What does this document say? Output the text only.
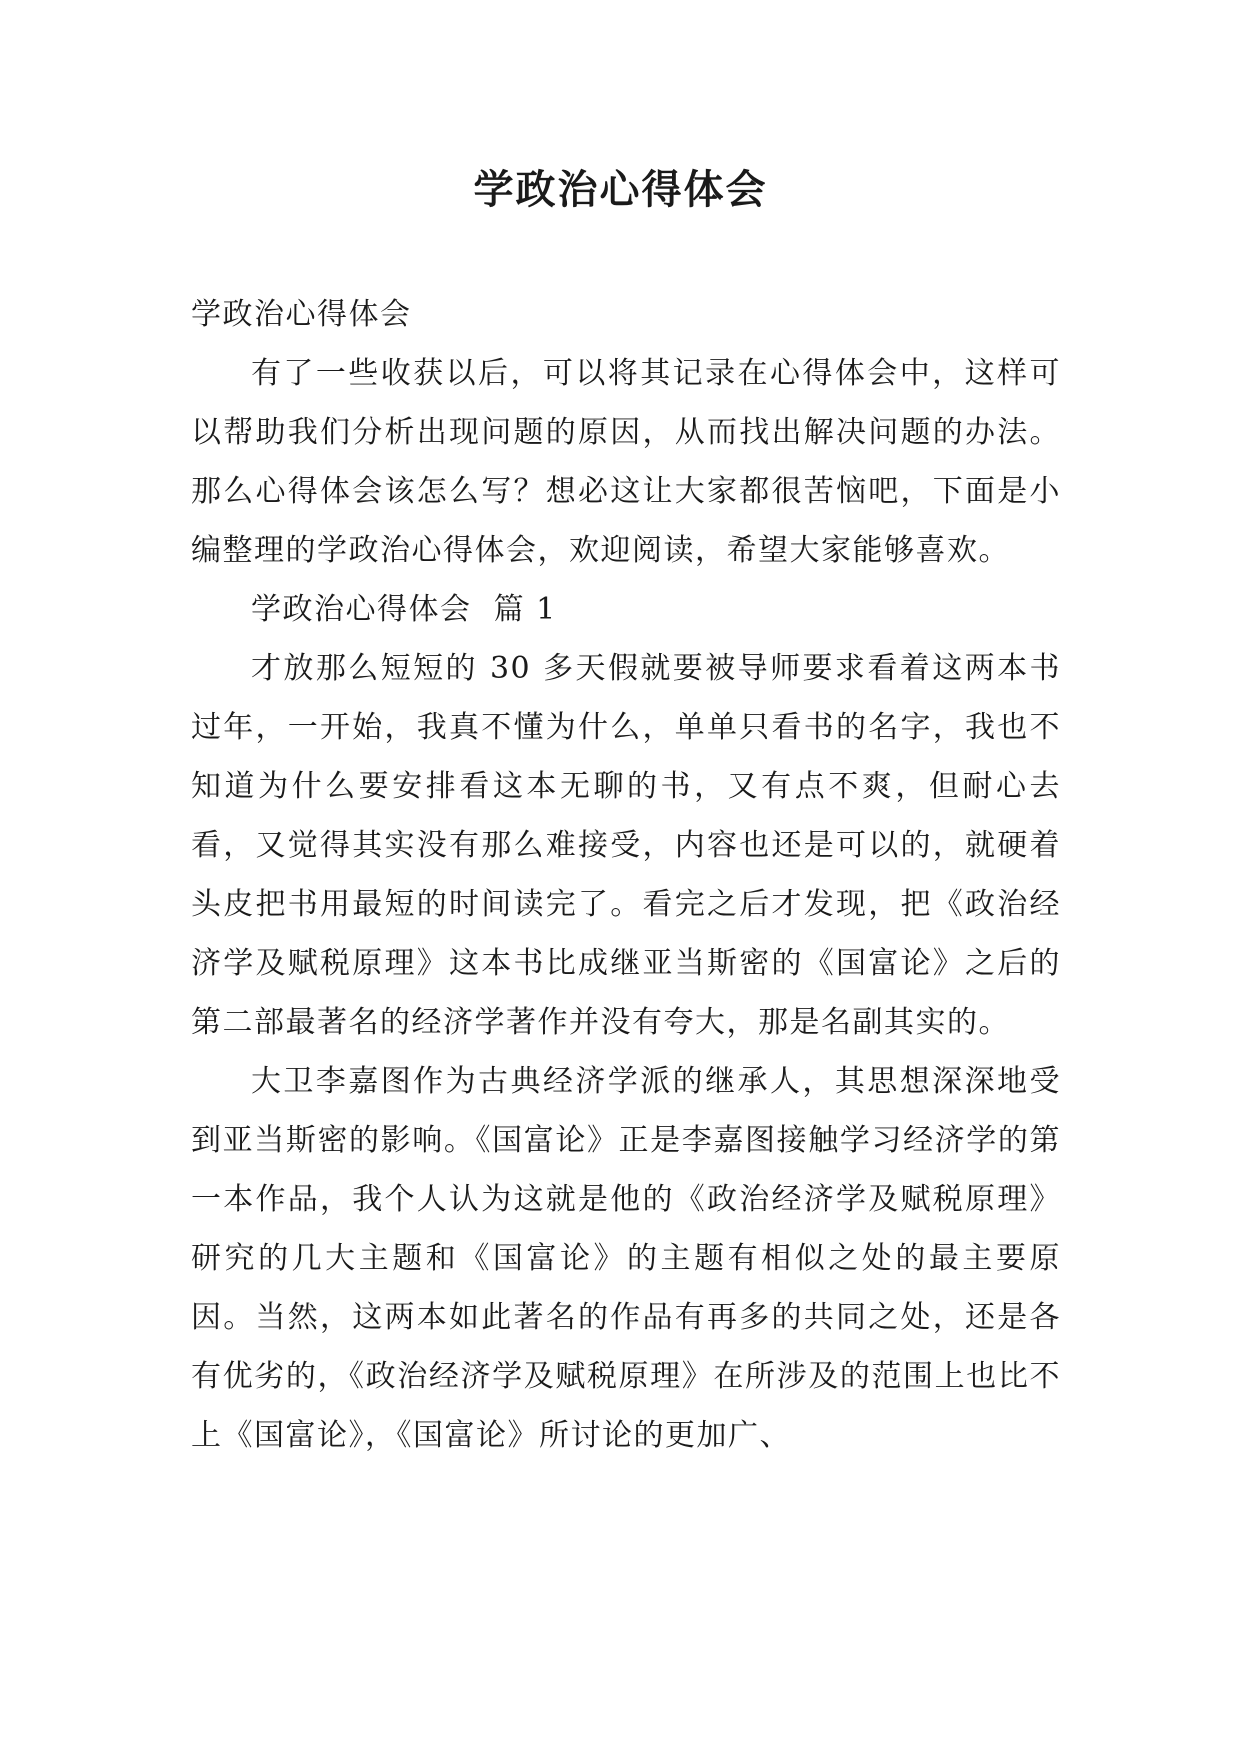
学政治心得体会

学政治心得体会

有了一些收获以后，可以将其记录在心得体会中，这样可以帮助我们分析出现问题的原因，从而找出解决问题的办法。那么心得体会该怎么写？想必这让大家都很苦恼吧，下面是小编整理的学政治心得体会，欢迎阅读，希望大家能够喜欢。

学政治心得体会  篇 1

才放那么短短的 30 多天假就要被导师要求看着这两本书过年，一开始，我真不懂为什么，单单只看书的名字，我也不知道为什么要安排看这本无聊的书，又有点不爽，但耐心去看，又觉得其实没有那么难接受，内容也还是可以的，就硬着头皮把书用最短的时间读完了。看完之后才发现，把《政治经济学及赋税原理》这本书比成继亚当斯密的《国富论》之后的第二部最著名的经济学著作并没有夸大，那是名副其实的。

大卫李嘉图作为古典经济学派的继承人，其思想深深地受到亚当斯密的影响。《国富论》正是李嘉图接触学习经济学的第一本作品，我个人认为这就是他的《政治经济学及赋税原理》研究的几大主题和《国富论》的主题有相似之处的最主要原因。当然，这两本如此著名的作品有再多的共同之处，还是各有优劣的，《政治经济学及赋税原理》在所涉及的范围上也比不上《国富论》，《国富论》所讨论的更加广、
